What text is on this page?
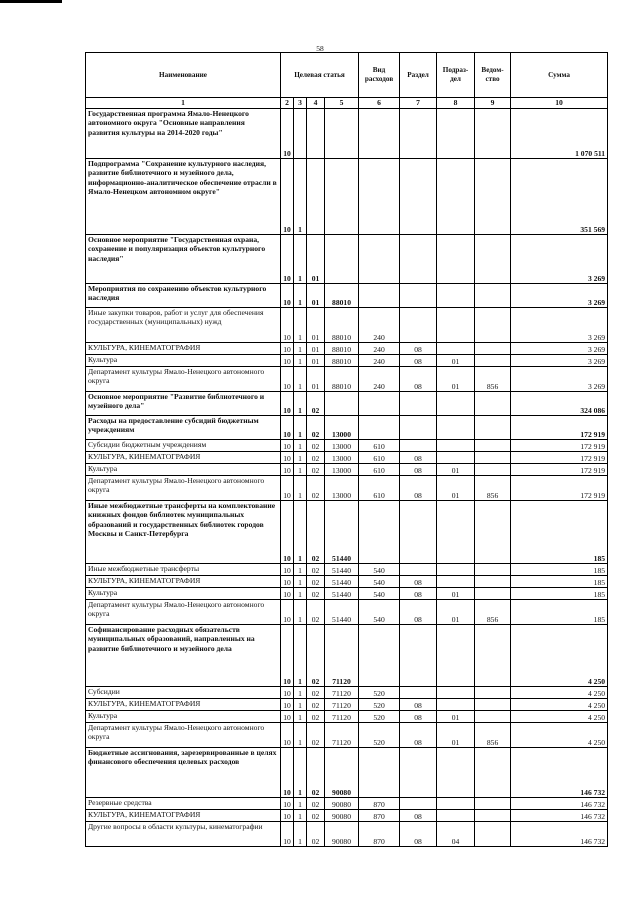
58
Наименование	Целевая статья				Вид расходов	Раздел	Подраз-дел	Ведом-ство	Сумма
1	2	3	4	5	6	7	8	9	10
Государственная программа Ямало-Ненецкого автономного округа "Основные направления развития культуры на 2014-2020 годы"	10								1 070 511
Подпрограмма "Сохранение культурного наследия, развитие библиотечного и музейного дела, информационно-аналитическое обеспечение отрасли в Ямало-Ненецком автономном округе"	10	1							351 569
Основное мероприятие "Государственная охрана, сохранение и популяризация объектов культурного наследия"	10	1	01						3 269
Мероприятия по сохранению объектов культурного наследия	10	1	01	88010					3 269
Иные закупки товаров, работ и услуг для обеспечения государственных (муниципальных) нужд	10	1	01	88010	240				3 269
КУЛЬТУРА, КИНЕМАТОГРАФИЯ	10	1	01	88010	240	08			3 269
Культура	10	1	01	88010	240	08	01		3 269
Департамент культуры Ямало-Ненецкого автономного округа	10	1	01	88010	240	08	01	856	3 269
Основное мероприятие "Развитие библиотечного и музейного дела"	10	1	02						324 086
Расходы на предоставление субсидий бюджетным учреждениям	10	1	02	13000					172 919
Субсидии бюджетным учреждениям	10	1	02	13000	610				172 919
КУЛЬТУРА, КИНЕМАТОГРАФИЯ	10	1	02	13000	610	08			172 919
Культура	10	1	02	13000	610	08	01		172 919
Департамент культуры Ямало-Ненецкого автономного округа	10	1	02	13000	610	08	01	856	172 919
Иные межбюджетные трансферты на комплектование книжных фондов библиотек муниципальных образований и государственных библиотек городов Москвы и Санкт-Петербурга	10	1	02	51440					185
Иные межбюджетные трансферты	10	1	02	51440	540				185
КУЛЬТУРА, КИНЕМАТОГРАФИЯ	10	1	02	51440	540	08			185
Культура	10	1	02	51440	540	08	01		185
Департамент культуры Ямало-Ненецкого автономного округа	10	1	02	51440	540	08	01	856	185
Софинансирование расходных обязательств муниципальных образований, направленных на развитие библиотечного и музейного дела	10	1	02	71120					4 250
Субсидии	10	1	02	71120	520				4 250
КУЛЬТУРА, КИНЕМАТОГРАФИЯ	10	1	02	71120	520	08			4 250
Культура	10	1	02	71120	520	08	01		4 250
Департамент культуры Ямало-Ненецкого автономного округа	10	1	02	71120	520	08	01	856	4 250
Бюджетные ассигнования, зарезервированные в целях финансового обеспечения целевых расходов	10	1	02	90080					146 732
Резервные средства	10	1	02	90080	870				146 732
КУЛЬТУРА, КИНЕМАТОГРАФИЯ	10	1	02	90080	870	08			146 732
Другие вопросы в области культуры, кинематографии	10	1	02	90080	870	08	04		146 732
